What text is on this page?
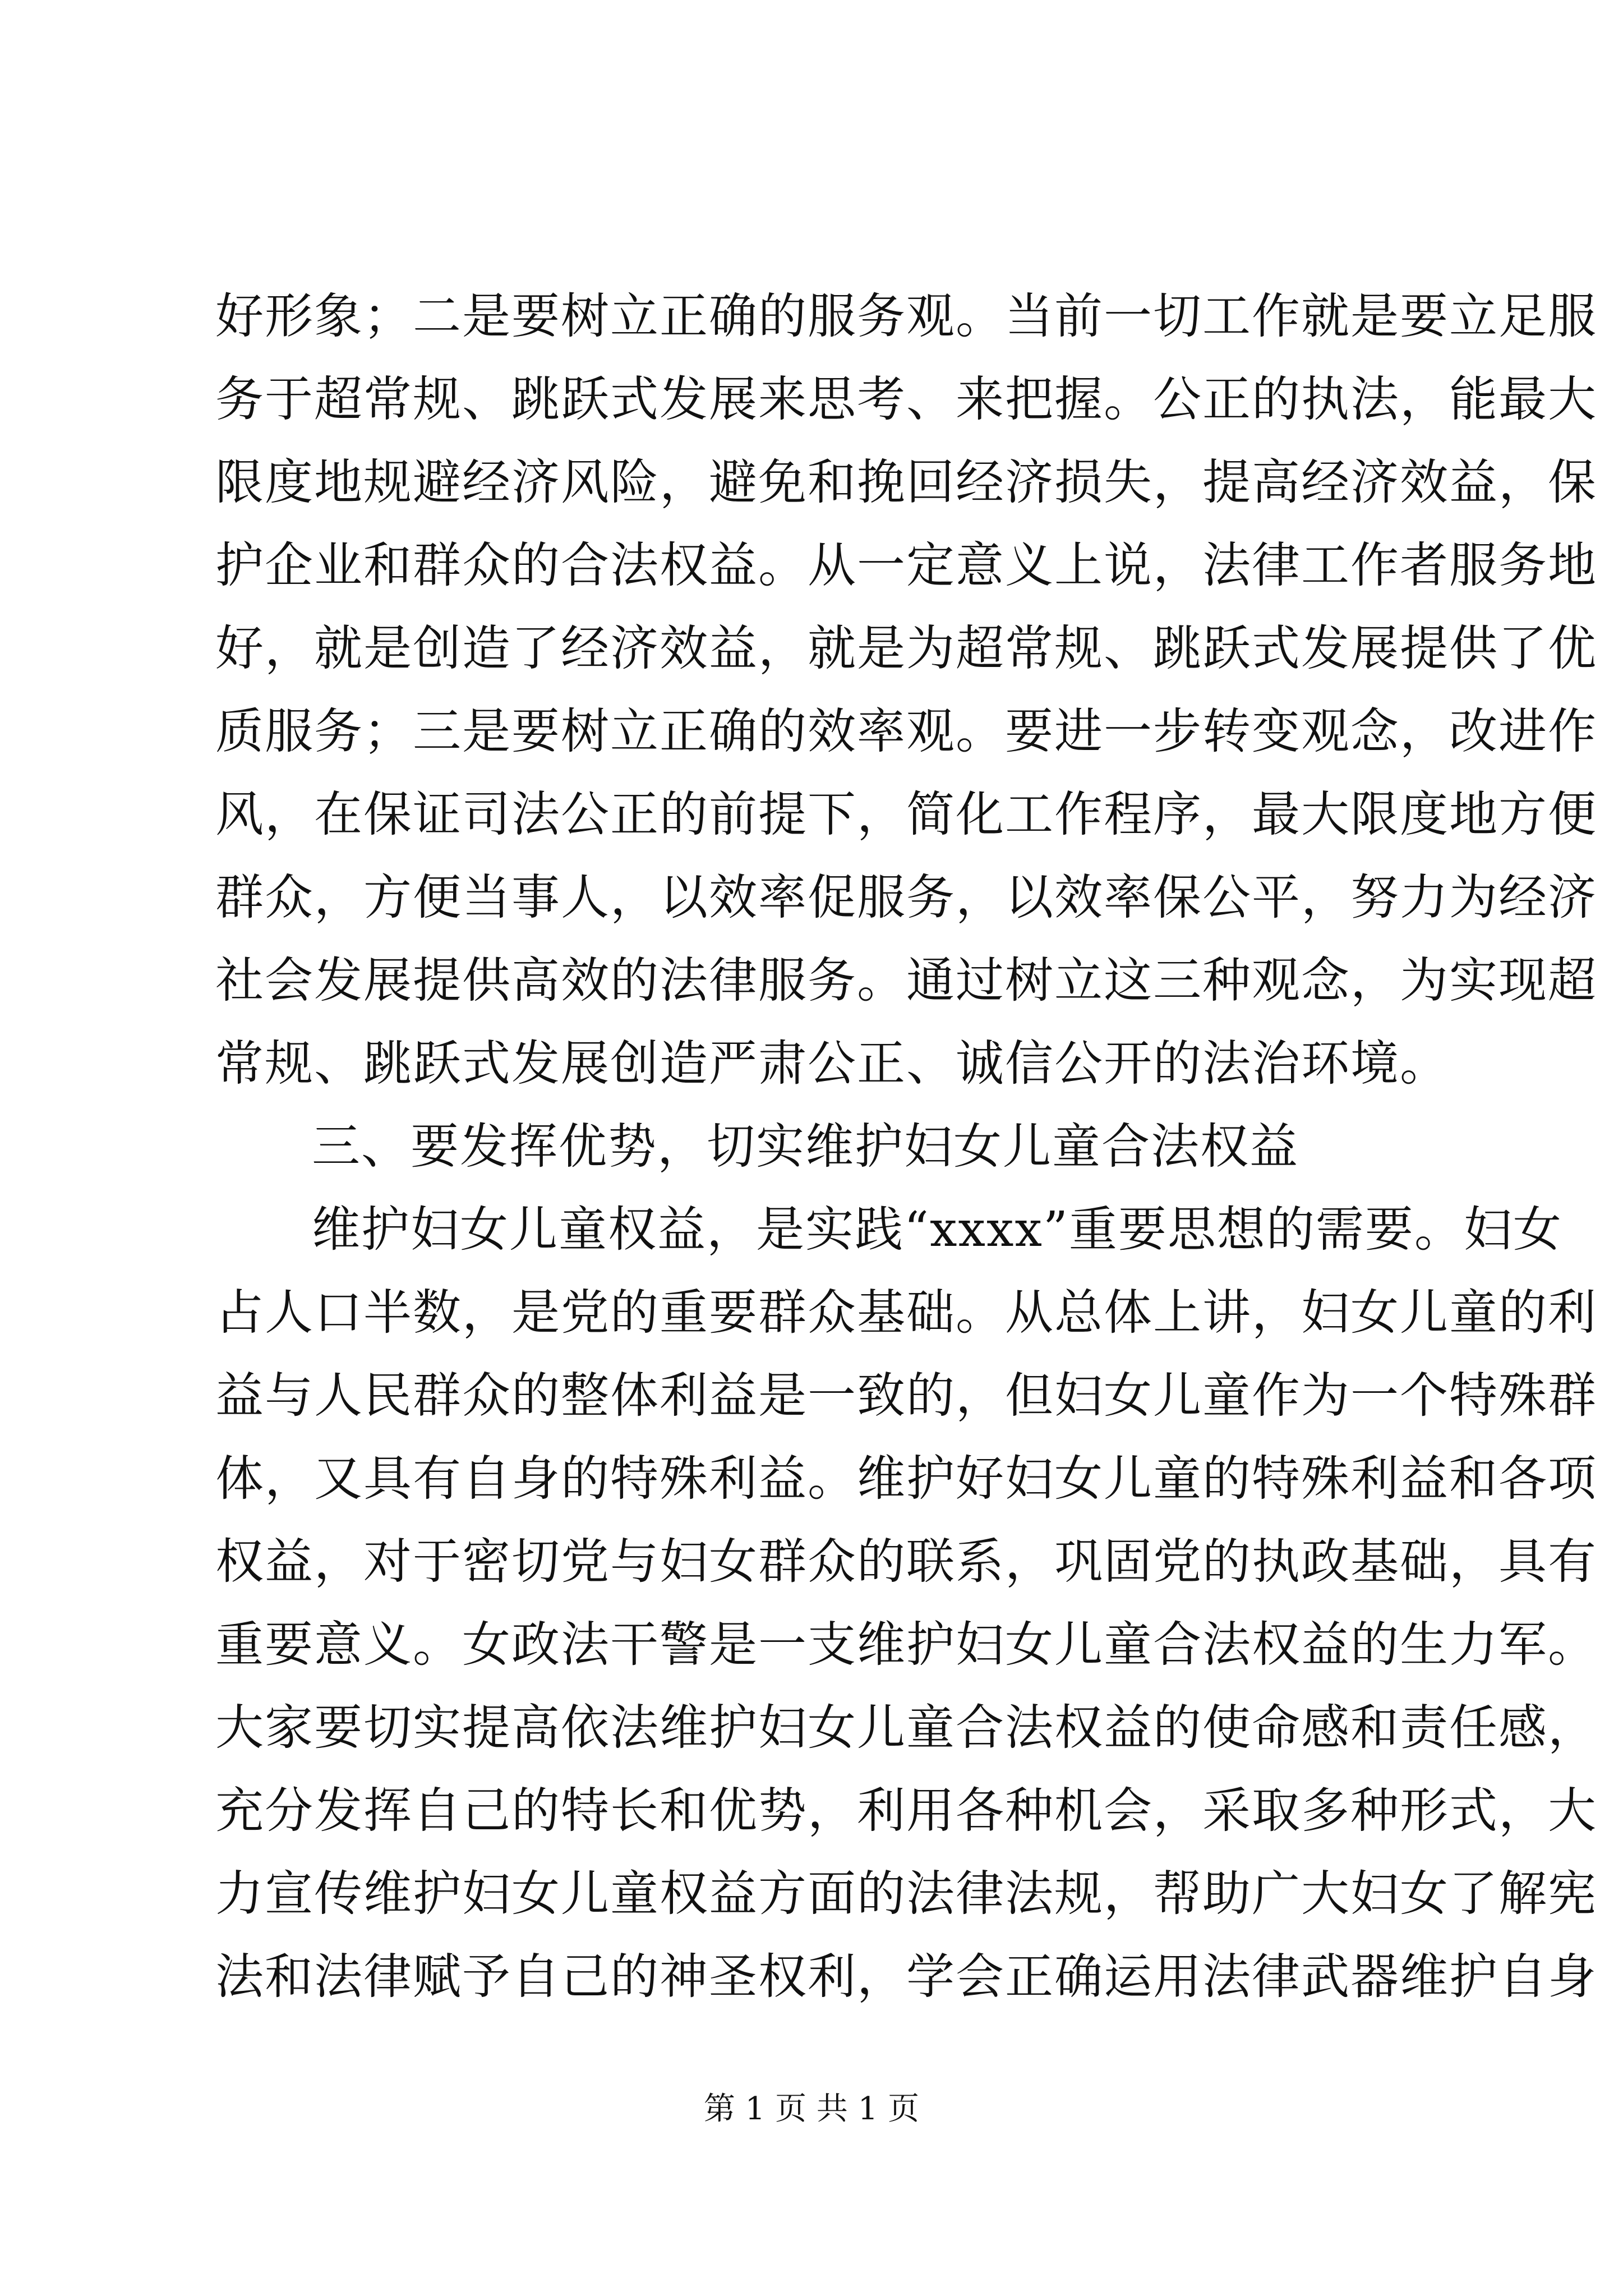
好形象；二是要树立正确的服务观。当前一切工作就是要立足服
务于超常规、跳跃式发展来思考、来把握。公正的执法，能最大
限度地规避经济风险，避免和挽回经济损失，提高经济效益，保
护企业和群众的合法权益。从一定意义上说，法律工作者服务地
好，就是创造了经济效益，就是为超常规、跳跃式发展提供了优
质服务；三是要树立正确的效率观。要进一步转变观念，改进作
风，在保证司法公正的前提下，简化工作程序，最大限度地方便
群众，方便当事人，以效率促服务，以效率保公平，努力为经济
社会发展提供高效的法律服务。通过树立这三种观念，为实现超
常规、跳跃式发展创造严肃公正、诚信公开的法治环境。
三、要发挥优势，切实维护妇女儿童合法权益
维护妇女儿童权益，是实践“xxxx”重要思想的需要。妇女
占人口半数，是党的重要群众基础。从总体上讲，妇女儿童的利
益与人民群众的整体利益是一致的，但妇女儿童作为一个特殊群
体，又具有自身的特殊利益。维护好妇女儿童的特殊利益和各项
权益，对于密切党与妇女群众的联系，巩固党的执政基础，具有
重要意义。女政法干警是一支维护妇女儿童合法权益的生力军。
大家要切实提高依法维护妇女儿童合法权益的使命感和责任感，
充分发挥自己的特长和优势，利用各种机会，采取多种形式，大
力宣传维护妇女儿童权益方面的法律法规，帮助广大妇女了解宪
法和法律赋予自己的神圣权利，学会正确运用法律武器维护自身
第 1 页 共 1 页
